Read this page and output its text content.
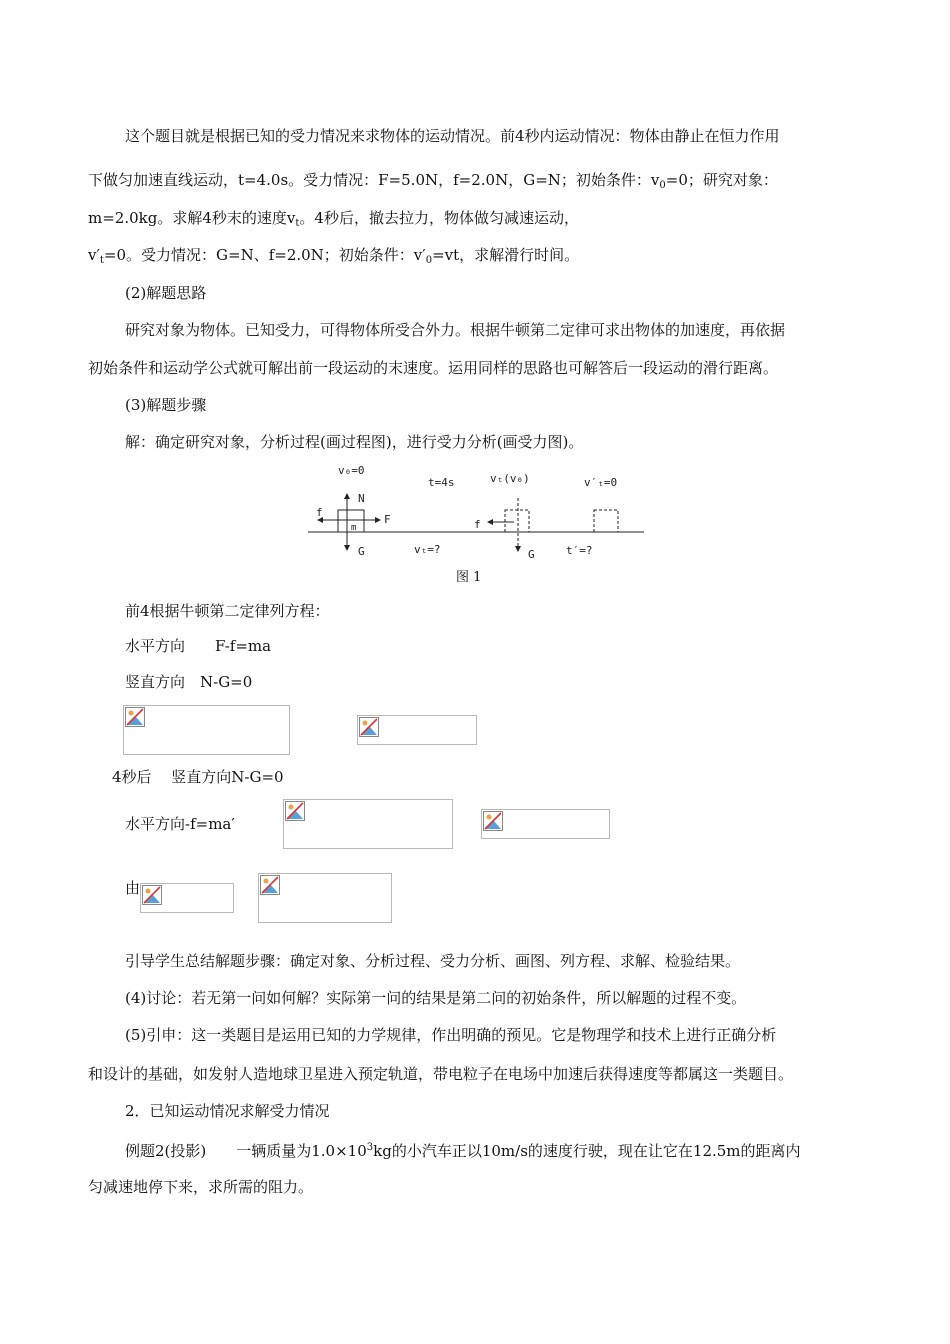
这个题目就是根据已知的受力情况来求物体的运动情况。前4秒内运动情况：物体由静止在恒力作用
下做匀加速直线运动，t=4.0s。受力情况：F=5.0N，f=2.0N，G=N；初始条件：$v_0=0$；研究对象：
m=2.0kg。求解4秒末的速度$v_t$。4秒后，撤去拉力，物体做匀减速运动，
$v'_t=0$。受力情况：G=N、f=2.0N；初始条件：$v'_0=vt$，求解滑行时间。
(2)解题思路
研究对象为物体。已知受力，可得物体所受合外力。根据牛顿第二定律可求出物体的加速度，再依据
初始条件和运动学公式就可解出前一段运动的末速度。运用同样的思路也可解答后一段运动的滑行距离。
(3)解题步骤
解：确定研究对象，分析过程(画过程图)，进行受力分析(画受力图)。
v₀=0
t=4s	vₜ(v₀)	v′ₜ=0
N
f
F
m
G	vₜ=?
f
G	t′=?
图 1
前4根据牛顿第二定律列方程：
水平方向　　F-f=ma
竖直方向　N-G=0
4秒后　 竖直方向N-G=0
水平方向-f=ma′
由
引导学生总结解题步骤：确定对象、分析过程、受力分析、画图、列方程、求解、检验结果。
(4)讨论：若无第一问如何解？实际第一问的结果是第二问的初始条件，所以解题的过程不变。
(5)引申：这一类题目是运用已知的力学规律，作出明确的预见。它是物理学和技术上进行正确分析
和设计的基础，如发射人造地球卫星进入预定轨道，带电粒子在电场中加速后获得速度等都属这一类题目。
2．已知运动情况求解受力情况
例题2(投影)　　一辆质量为$1.0\times 10^3kg$的小汽车正以10m/s的速度行驶，现在让它在12.5m的距离内
匀减速地停下来，求所需的阻力。
